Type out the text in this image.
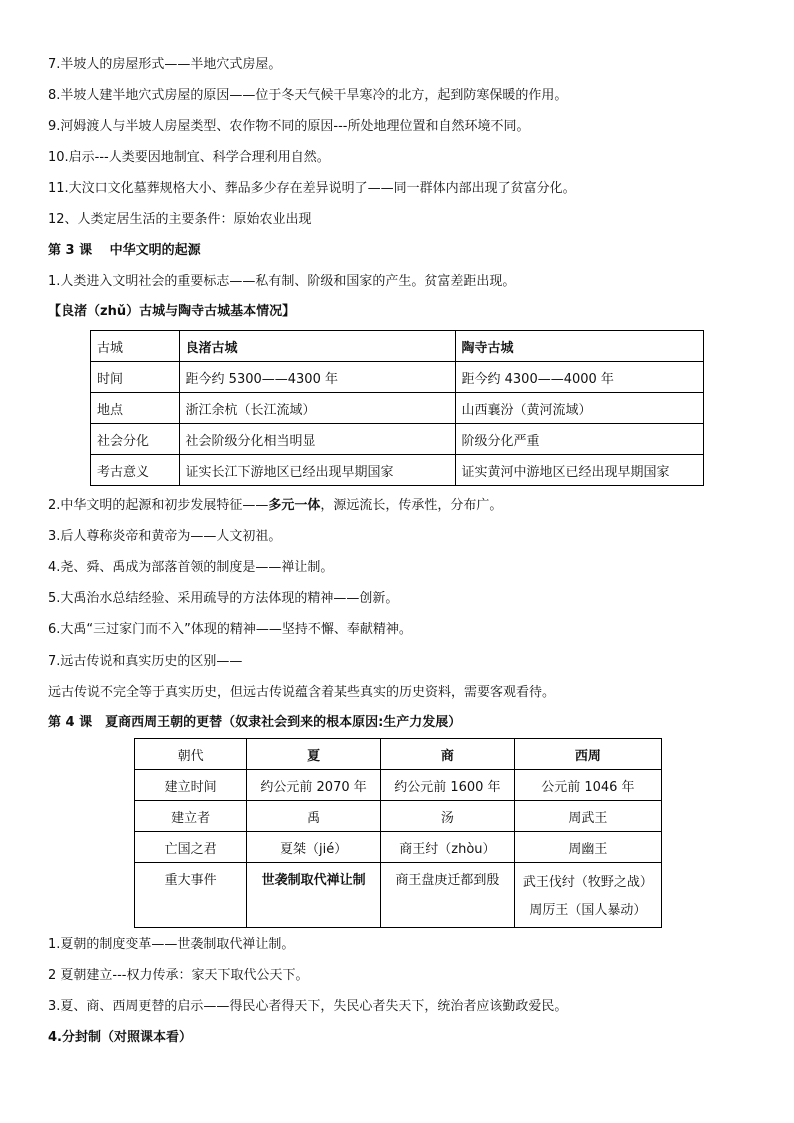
7.半坡人的房屋形式——半地穴式房屋。
8.半坡人建半地穴式房屋的原因——位于冬天气候干旱寒冷的北方，起到防寒保暖的作用。
9.河姆渡人与半坡人房屋类型、农作物不同的原因---所处地理位置和自然环境不同。
10.启示---人类要因地制宜、科学合理利用自然。
11.大汶口文化墓葬规格大小、葬品多少存在差异说明了——同一群体内部出现了贫富分化。
12、人类定居生活的主要条件：原始农业出现
第 3 课　 中华文明的起源
1.人类进入文明社会的重要标志——私有制、阶级和国家的产生。贫富差距出现。
【良渚（zhǔ）古城与陶寺古城基本情况】
古城	良渚古城	陶寺古城
时间	距今约 5300——4300 年	距今约 4300——4000 年
地点	浙江余杭（长江流域）	山西襄汾（黄河流域）
社会分化	社会阶级分化相当明显	阶级分化严重
考古意义	证实长江下游地区已经出现早期国家	证实黄河中游地区已经出现早期国家
2.中华文明的起源和初步发展特征——多元一体，源远流长，传承性，分布广。
3.后人尊称炎帝和黄帝为——人文初祖。
4.尧、舜、禹成为部落首领的制度是——禅让制。
5.大禹治水总结经验、采用疏导的方法体现的精神——创新。
6.大禹“三过家门而不入”体现的精神——坚持不懈、奉献精神。
7.远古传说和真实历史的区别——
远古传说不完全等于真实历史，但远古传说蕴含着某些真实的历史资料，需要客观看待。
第 4 课　夏商西周王朝的更替（奴隶社会到来的根本原因:生产力发展）
朝代	夏	商	西周
建立时间	约公元前 2070 年	约公元前 1600 年	公元前 1046 年
建立者	禹	汤	周武王
亡国之君	夏桀（jié）	商王纣（zhòu）	周幽王
重大事件	世袭制取代禅让制	商王盘庚迁都到殷	武王伐纣（牧野之战）
周厉王（国人暴动）
1.夏朝的制度变革——世袭制取代禅让制。
2 夏朝建立---权力传承：家天下取代公天下。
3.夏、商、西周更替的启示——得民心者得天下，失民心者失天下，统治者应该勤政爱民。
4.分封制（对照课本看）
